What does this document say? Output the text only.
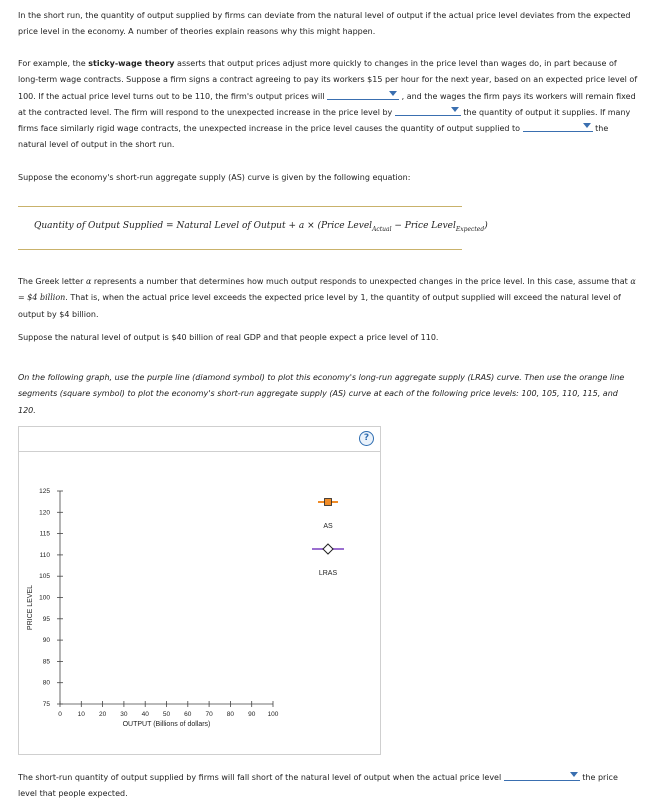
In the short run, the quantity of output supplied by firms can deviate from the natural level of output if the actual price level deviates from the expected price level in the economy. A number of theories explain reasons why this might happen.

For example, the sticky-wage theory asserts that output prices adjust more quickly to changes in the price level than wages do, in part because of long-term wage contracts. Suppose a firm signs a contract agreeing to pay its workers $15 per hour for the next year, based on an expected price level of 100. If the actual price level turns out to be 110, the firm's output prices will	, and the wages the firm pays its workers will remain fixed at the contracted level. The firm will respond to the unexpected increase in the price level by	the quantity of output it supplies. If many firms face similarly rigid wage contracts, the unexpected increase in the price level causes the quantity of output supplied to	the natural level of output in the short run.

Suppose the economy's short-run aggregate supply (AS) curve is given by the following equation:

Quantity of Output Supplied = Natural Level of Output + a × (Price Level$_{Actual}$ − Price Level$_{Expected}$)

The Greek letter α represents a number that determines how much output responds to unexpected changes in the price level. In this case, assume that α = $4 billion. That is, when the actual price level exceeds the expected price level by 1, the quantity of output supplied will exceed the natural level of output by $4 billion.

Suppose the natural level of output is $40 billion of real GDP and that people expect a price level of 110.

On the following graph, use the purple line (diamond symbol) to plot this economy's long-run aggregate supply (LRAS) curve. Then use the orange line segments (square symbol) to plot the economy's short-run aggregate supply (AS) curve at each of the following price levels: 100, 105, 110, 115, and 120.

?
75
80
85
90
95
100
105
110
115
120
125
0 10 20 30 40 50 60 70 80 90 100
OUTPUT (Billions of dollars)
PRICE LEVEL
AS
LRAS

The short-run quantity of output supplied by firms will fall short of the natural level of output when the actual price level	the price level that people expected.
